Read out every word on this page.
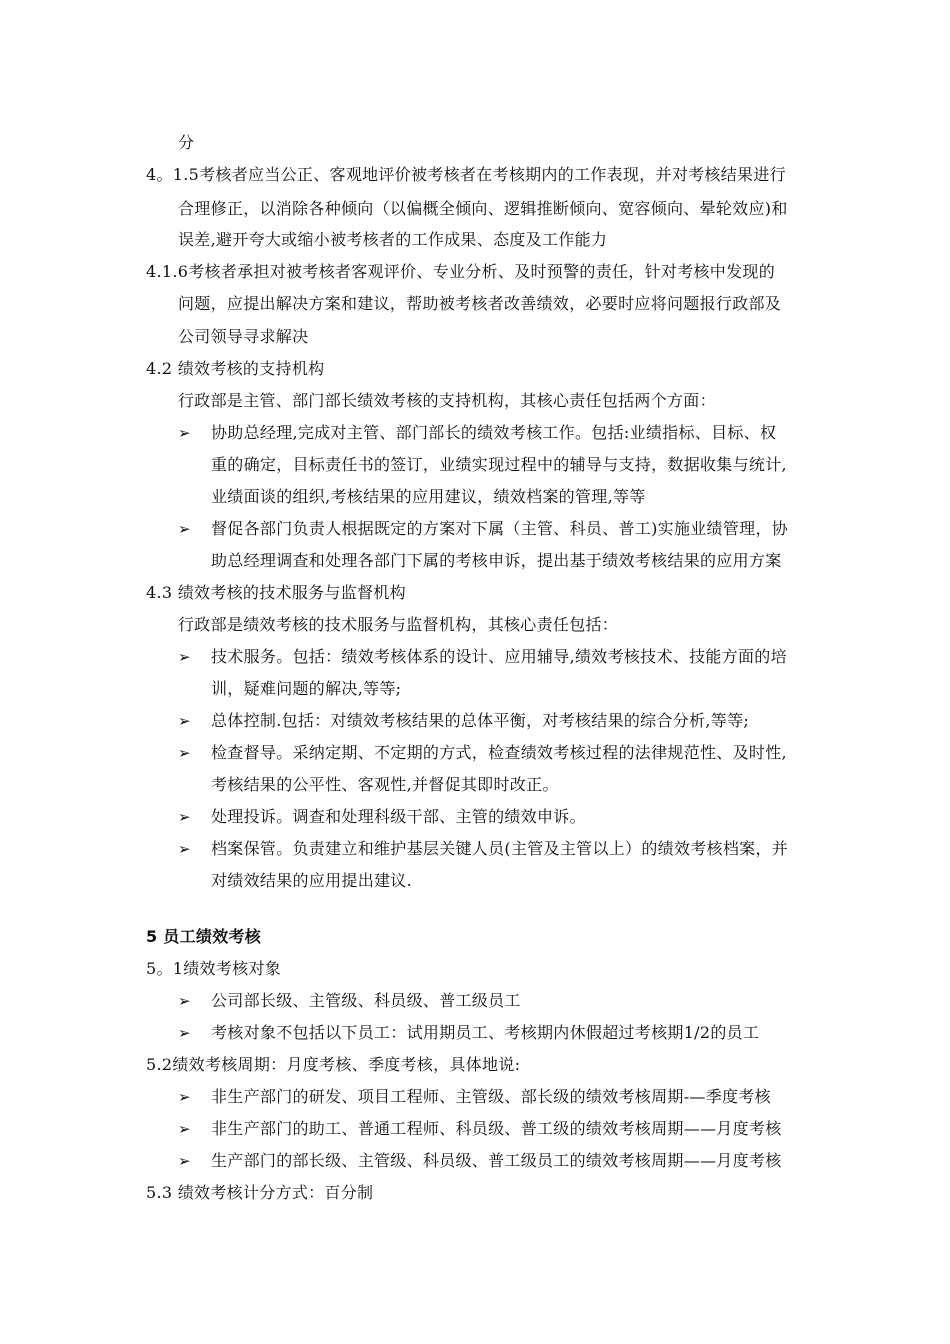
分
4。1.5考核者应当公正、客观地评价被考核者在考核期内的工作表现，并对考核结果进行
合理修正，以消除各种倾向（以偏概全倾向、逻辑推断倾向、宽容倾向、晕轮效应)和
误差,避开夸大或缩小被考核者的工作成果、态度及工作能力
4.1.6考核者承担对被考核者客观评价、专业分析、及时预警的责任，针对考核中发现的
问题，应提出解决方案和建议，帮助被考核者改善绩效，必要时应将问题报行政部及
公司领导寻求解决
4.2 绩效考核的支持机构
行政部是主管、部门部长绩效考核的支持机构，其核心责任包括两个方面：
➢ 协助总经理,完成对主管、部门部长的绩效考核工作。包括:业绩指标、目标、权
重的确定，目标责任书的签订，业绩实现过程中的辅导与支持，数据收集与统计,
业绩面谈的组织,考核结果的应用建议，绩效档案的管理,等等
➢ 督促各部门负责人根据既定的方案对下属（主管、科员、普工)实施业绩管理，协
助总经理调查和处理各部门下属的考核申诉，提出基于绩效考核结果的应用方案
4.3 绩效考核的技术服务与监督机构
行政部是绩效考核的技术服务与监督机构，其核心责任包括：
➢ 技术服务。包括：绩效考核体系的设计、应用辅导,绩效考核技术、技能方面的培
训，疑难问题的解决,等等;
➢ 总体控制.包括：对绩效考核结果的总体平衡，对考核结果的综合分析,等等;
➢ 检查督导。采纳定期、不定期的方式，检查绩效考核过程的法律规范性、及时性,
考核结果的公平性、客观性,并督促其即时改正。
➢ 处理投诉。调查和处理科级干部、主管的绩效申诉。
➢ 档案保管。负责建立和维护基层关键人员(主管及主管以上）的绩效考核档案，并
对绩效结果的应用提出建议.
5 员工绩效考核
5。1绩效考核对象
➢ 公司部长级、主管级、科员级、普工级员工
➢ 考核对象不包括以下员工：试用期员工、考核期内休假超过考核期1/2的员工
5.2绩效考核周期：月度考核、季度考核，具体地说:
➢ 非生产部门的研发、项目工程师、主管级、部长级的绩效考核周期-—季度考核
➢ 非生产部门的助工、普通工程师、科员级、普工级的绩效考核周期——月度考核
➢ 生产部门的部长级、主管级、科员级、普工级员工的绩效考核周期——月度考核
5.3 绩效考核计分方式：百分制
